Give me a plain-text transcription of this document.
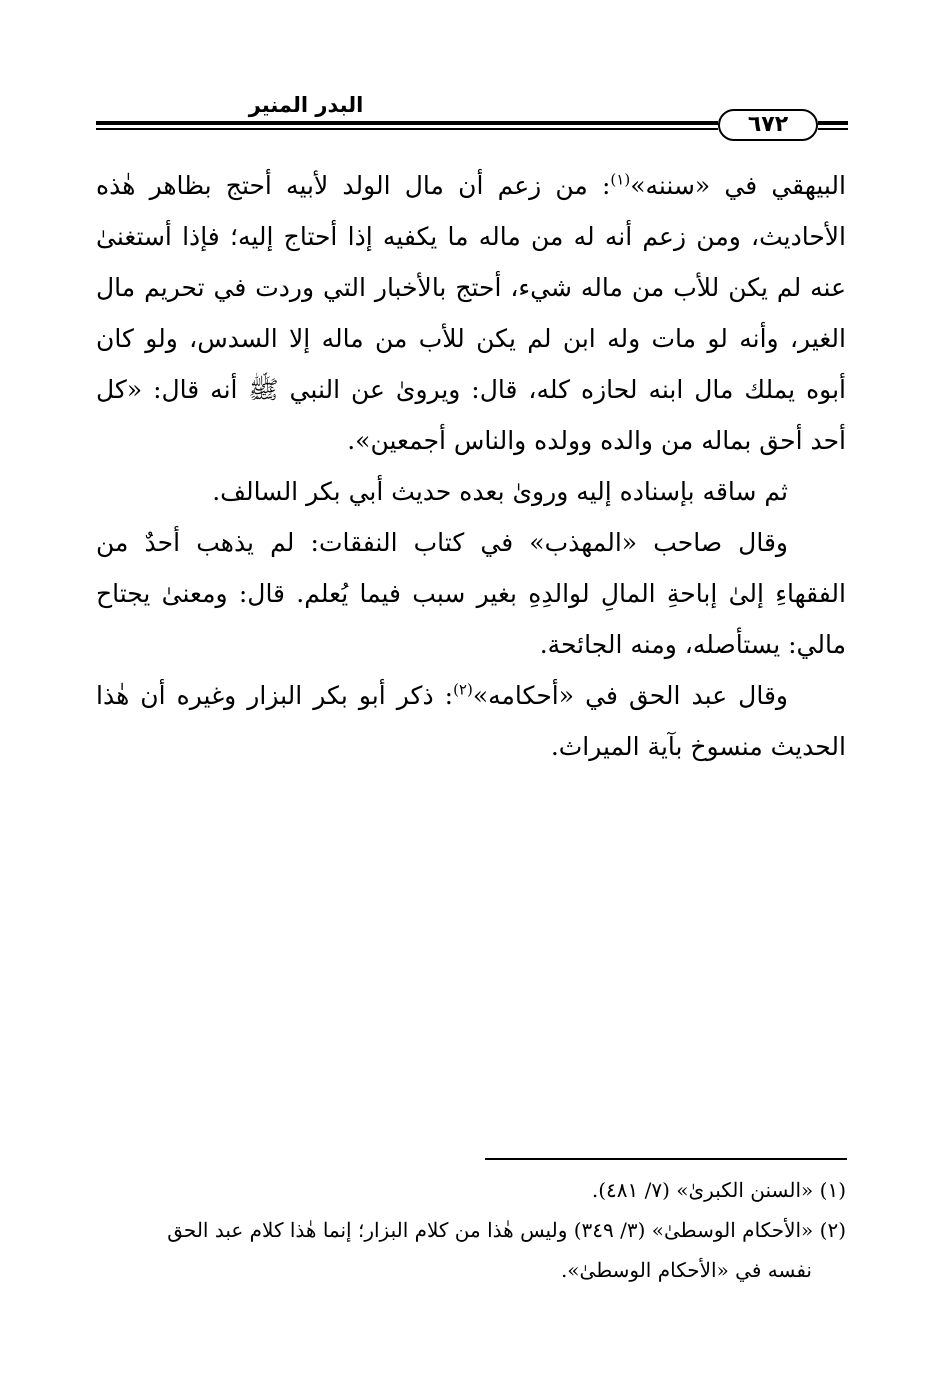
البدر المنير
٦٧٢

البيهقي في «سننه»$^{(١)}$: من زعم أن مال الولد لأبيه أحتج بظاهر هٰذه الأحاديث، ومن زعم أنه له من ماله ما يكفيه إذا أحتاج إليه؛ فإذا أستغنىٰ عنه لم يكن للأب من ماله شيء، أحتج بالأخبار التي وردت في تحريم مال الغير، وأنه لو مات وله ابن لم يكن للأب من ماله إلا السدس، ولو كان أبوه يملك مال ابنه لحازه كله، قال: ويروىٰ عن النبي ﷺ أنه قال: «كل أحد أحق بماله من والده وولده والناس أجمعين».

ثم ساقه بإسناده إليه وروىٰ بعده حديث أبي بكر السالف.

وقال صاحب «المهذب» في كتاب النفقات: لم يذهب أحدٌ من الفقهاءِ إلىٰ إباحةِ المالِ لوالدِهِ بغير سبب فيما يُعلم. قال: ومعنىٰ يجتاح مالي: يستأصله، ومنه الجائحة.

وقال عبد الحق في «أحكامه»$^{(٢)}$: ذكر أبو بكر البزار وغيره أن هٰذا الحديث منسوخ بآية الميراث.

(١) «السنن الكبرىٰ» (٧/ ٤٨١).

(٢) «الأحكام الوسطىٰ» (٣/ ٣٤٩) وليس هٰذا من كلام البزار؛ إنما هٰذا كلام عبد الحق

نفسه في «الأحكام الوسطىٰ».
